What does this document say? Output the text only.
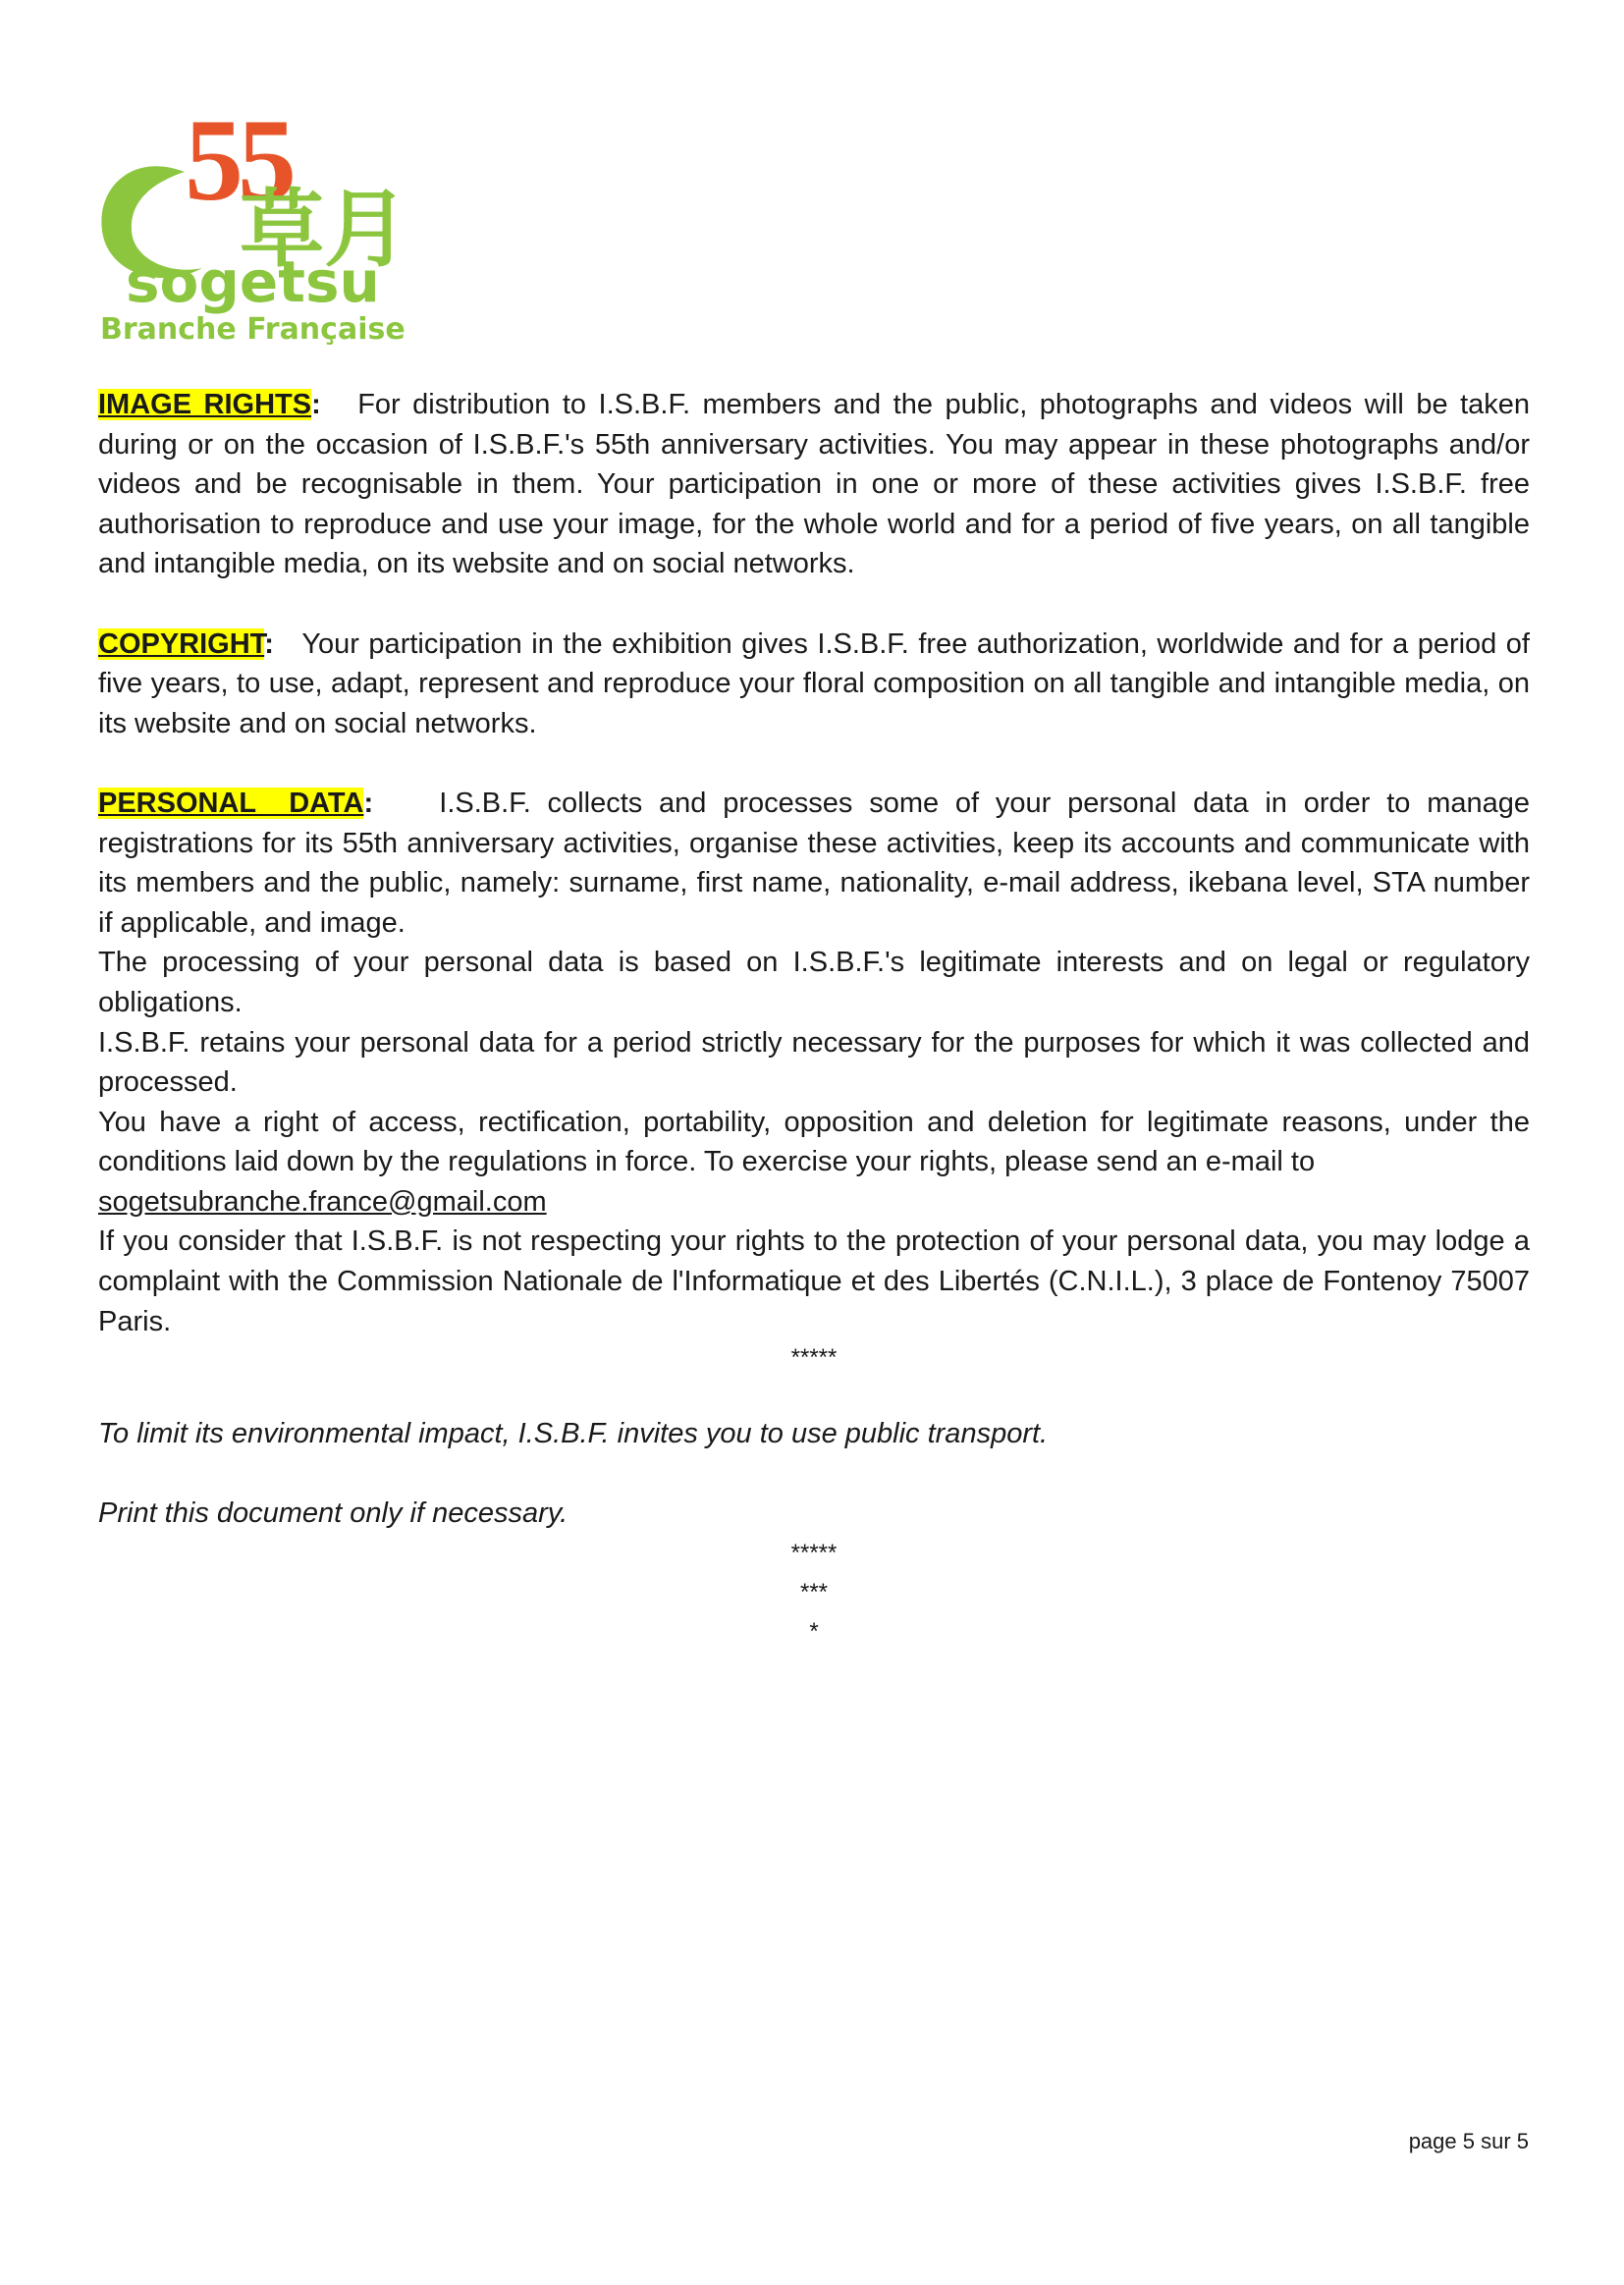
55
草月
sogetsu
Branche Française

IMAGE RIGHTS: For distribution to I.S.B.F. members and the public, photographs and videos will be taken during or on the occasion of I.S.B.F.'s 55th anniversary activities. You may appear in these photographs and/or videos and be recognisable in them. Your participation in one or more of these activities gives I.S.B.F. free authorisation to reproduce and use your image, for the whole world and for a period of five years, on all tangible and intangible media, on its website and on social networks.

COPYRIGHT: Your participation in the exhibition gives I.S.B.F. free authorization, worldwide and for a period of five years, to use, adapt, represent and reproduce your floral composition on all tangible and intangible media, on its website and on social networks.

PERSONAL  DATA: I.S.B.F. collects and processes some of your personal data in order to manage registrations for its 55th anniversary activities, organise these activities, keep its accounts and communicate with its members and the public, namely: surname, first name, nationality, e-mail address, ikebana level, STA number if applicable, and image.

The processing of your personal data is based on I.S.B.F.'s legitimate interests and on legal or regulatory obligations.

I.S.B.F. retains your personal data for a period strictly necessary for the purposes for which it was collected and processed.

You have a right of access, rectification, portability, opposition and deletion for legitimate reasons, under the conditions laid down by the regulations in force. To exercise your rights, please send an e-mail to

sogetsubranche.france@gmail.com

If you consider that I.S.B.F. is not respecting your rights to the protection of your personal data, you may lodge a complaint with the Commission Nationale de l'Informatique et des Libertés (C.N.I.L.), 3 place de Fontenoy 75007 Paris.

*****

To limit its environmental impact, I.S.B.F. invites you to use public transport.

Print this document only if necessary.

*****

***

*

page 5 sur 5
